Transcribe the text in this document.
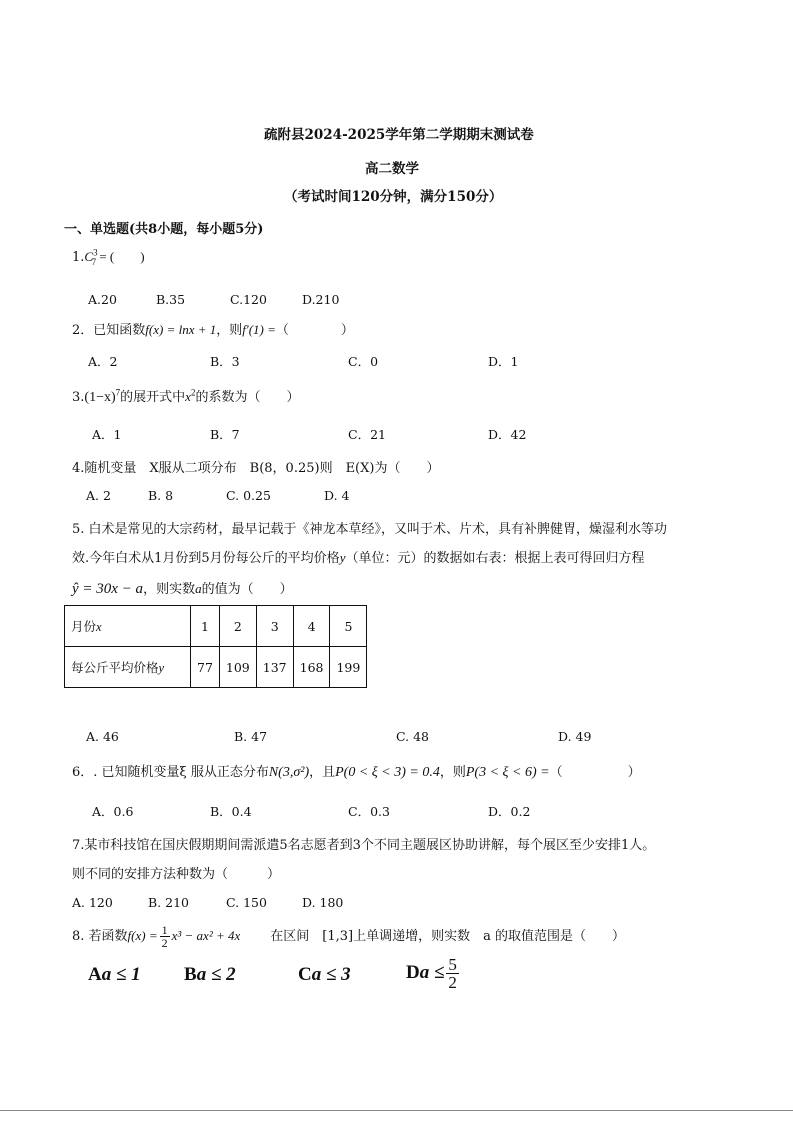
疏附县2024-2025学年第二学期期末测试卷
高二数学
（考试时间120分钟，满分150分）
一、单选题(共8小题，每小题5分)
$1.C^3_7$ = (　　)
A.20	B.35	C.120	D.210
2．已知函数f(x) = lnx + 1，则f′(1) =（　　　　）
A．2	B．3	C．0	D．1
$3.(1-x)^7$的展开式中$x^2$的系数为（　　）
A．1	B．7	C．21	D．42
4.随机变量　X服从二项分布　B(8，0.25)则　E(X)为（　　）
A. 2	B. 8	C. 0.25	D. 4
5. 白术是常见的大宗药材，最早记载于《神龙本草经》，又叫于术、片术，具有补脾健胃，燥湿利水等功
效.今年白术从1月份到5月份每公斤的平均价格y（单位：元）的数据如右表：根据上表可得回归方程
ŷ = 30x − a，则实数a的值为（　　）
月份x	1	2	3	4	5
每公斤平均价格y	77	109	137	168	199
A. 46	B. 47	C. 48	D. 49
6．. 已知随机变量ξ 服从正态分布N(3,σ²)，且P(0 < ξ < 3) = 0.4，则P(3 < ξ < 6) =（　　　　　）
A．0.6	B．0.4	C．0.3	D．0.2
7.某市科技馆在国庆假期期间需派遣5名志愿者到3个不同主题展区协助讲解，每个展区至少安排1人。
则不同的安排方法种数为（　　　）
A. 120	B. 210	C. 150	D. 180
8. 若函数$f(x) = \frac{1}{2} x^3 - ax^2 + 4x$ 在区间　[1,3]上单调递增，则实数　a 的取值范围是（　　）
Aa ≤ 1 Ba ≤ 2	Ca ≤ 3	$Da \le \frac{5}{2}$
